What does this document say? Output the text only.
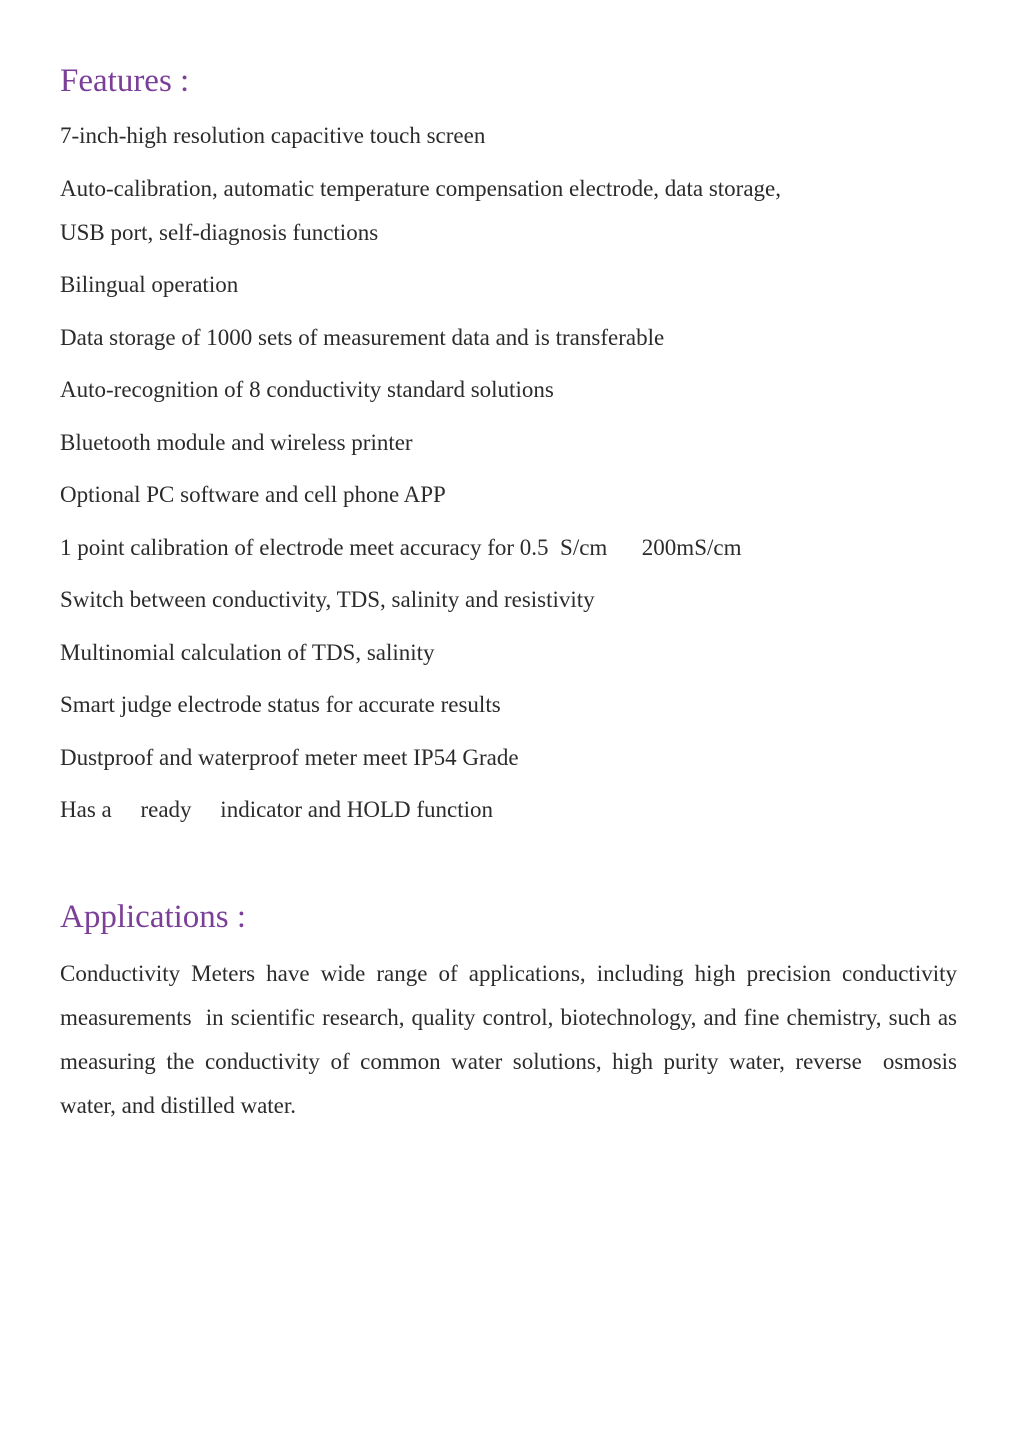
Features :
7-inch-high resolution capacitive touch screen
Auto-calibration, automatic temperature compensation electrode, data storage,
USB port, self-diagnosis functions
Bilingual operation
Data storage of 1000 sets of measurement data and is transferable
Auto-recognition of 8 conductivity standard solutions
Bluetooth module and wireless printer
Optional PC software and cell phone APP
1 point calibration of electrode meet accuracy for 0.5  S/cm      200mS/cm
Switch between conductivity, TDS, salinity and resistivity
Multinomial calculation of TDS, salinity
Smart judge electrode status for accurate results
Dustproof and waterproof meter meet IP54 Grade
Has a     ready     indicator and HOLD function
Applications :

Conductivity Meters have wide range of applications, including high precision conductivity measurements  in scientific research, quality control, biotechnology, and fine chemistry, such as measuring the conductivity of common water solutions, high purity water, reverse  osmosis  water, and distilled water.
